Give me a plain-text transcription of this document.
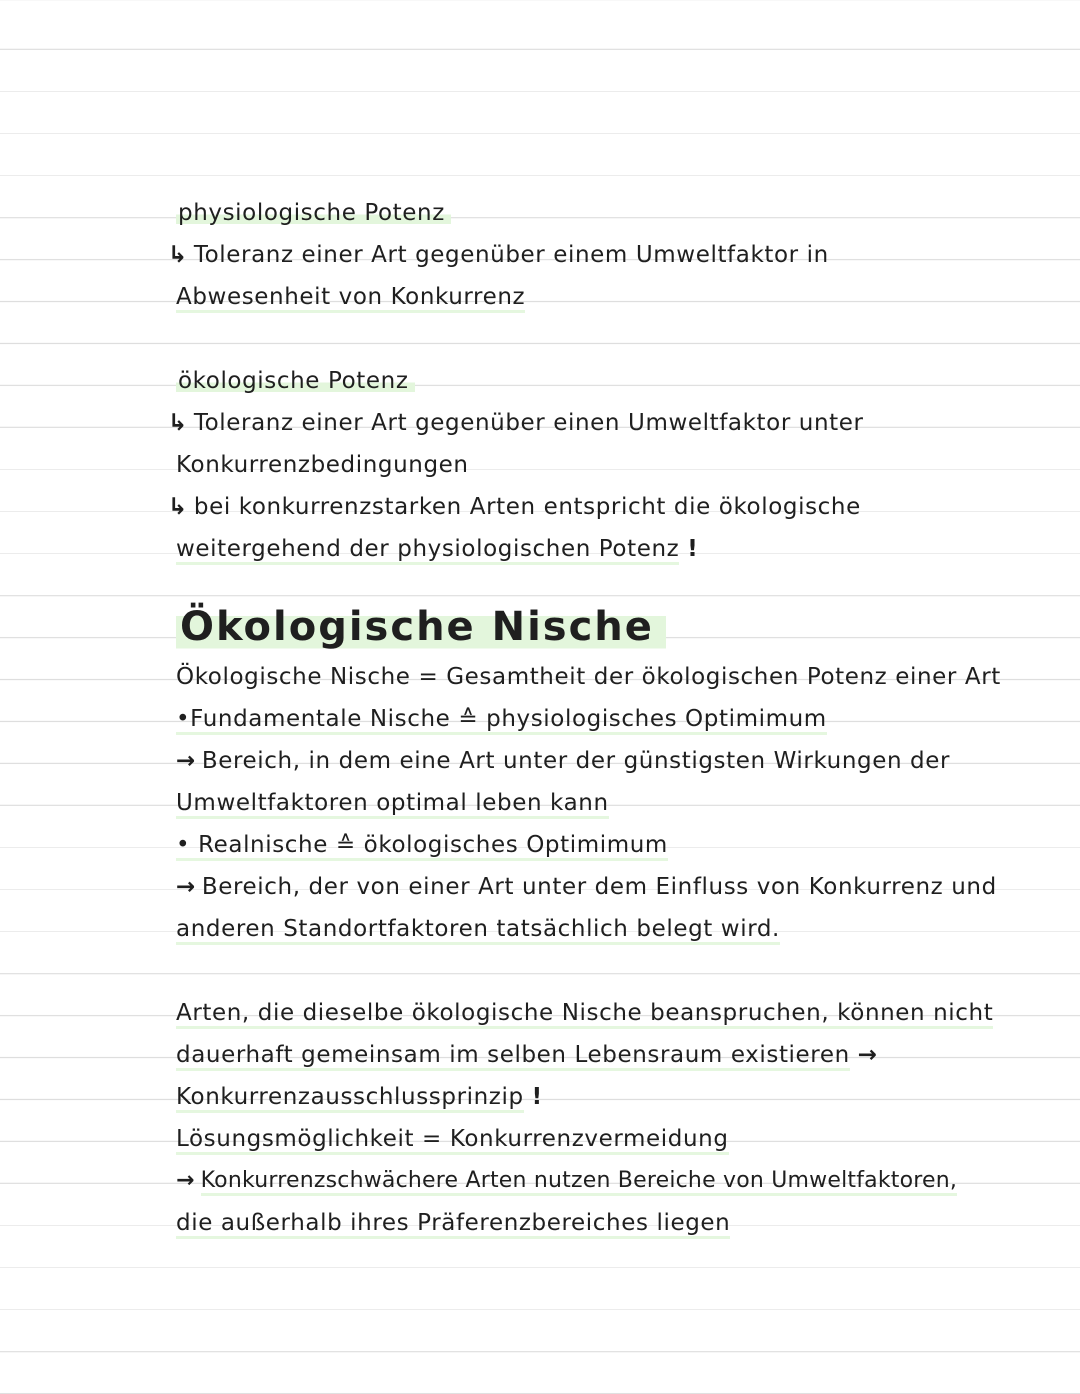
physiologische Potenz
↳ Toleranz einer Art gegenüber einem Umweltfaktor in
Abwesenheit von Konkurrenz
ökologische Potenz
↳ Toleranz einer Art gegenüber einen Umweltfaktor unter
Konkurrenzbedingungen
↳ bei konkurrenzstarken Arten entspricht die ökologische
weitergehend der physiologischen Potenz !
Ökologische Nische
Ökologische Nische = Gesamtheit der ökologischen Potenz einer Art
•Fundamentale Nische ≙ physiologisches Optimimum
→ Bereich, in dem eine Art unter der günstigsten Wirkungen der
Umweltfaktoren optimal leben kann
• Realnische ≙ ökologisches Optimimum
→ Bereich, der von einer Art unter dem Einfluss von Konkurrenz und
anderen Standortfaktoren tatsächlich belegt wird.
Arten, die dieselbe ökologische Nische beanspruchen, können nicht
dauerhaft gemeinsam im selben Lebensraum existieren →
Konkurrenzausschlussprinzip !
Lösungsmöglichkeit = Konkurrenzvermeidung
→ Konkurrenzschwächere Arten nutzen Bereiche von Umweltfaktoren,
die außerhalb ihres Präferenzbereiches liegen
